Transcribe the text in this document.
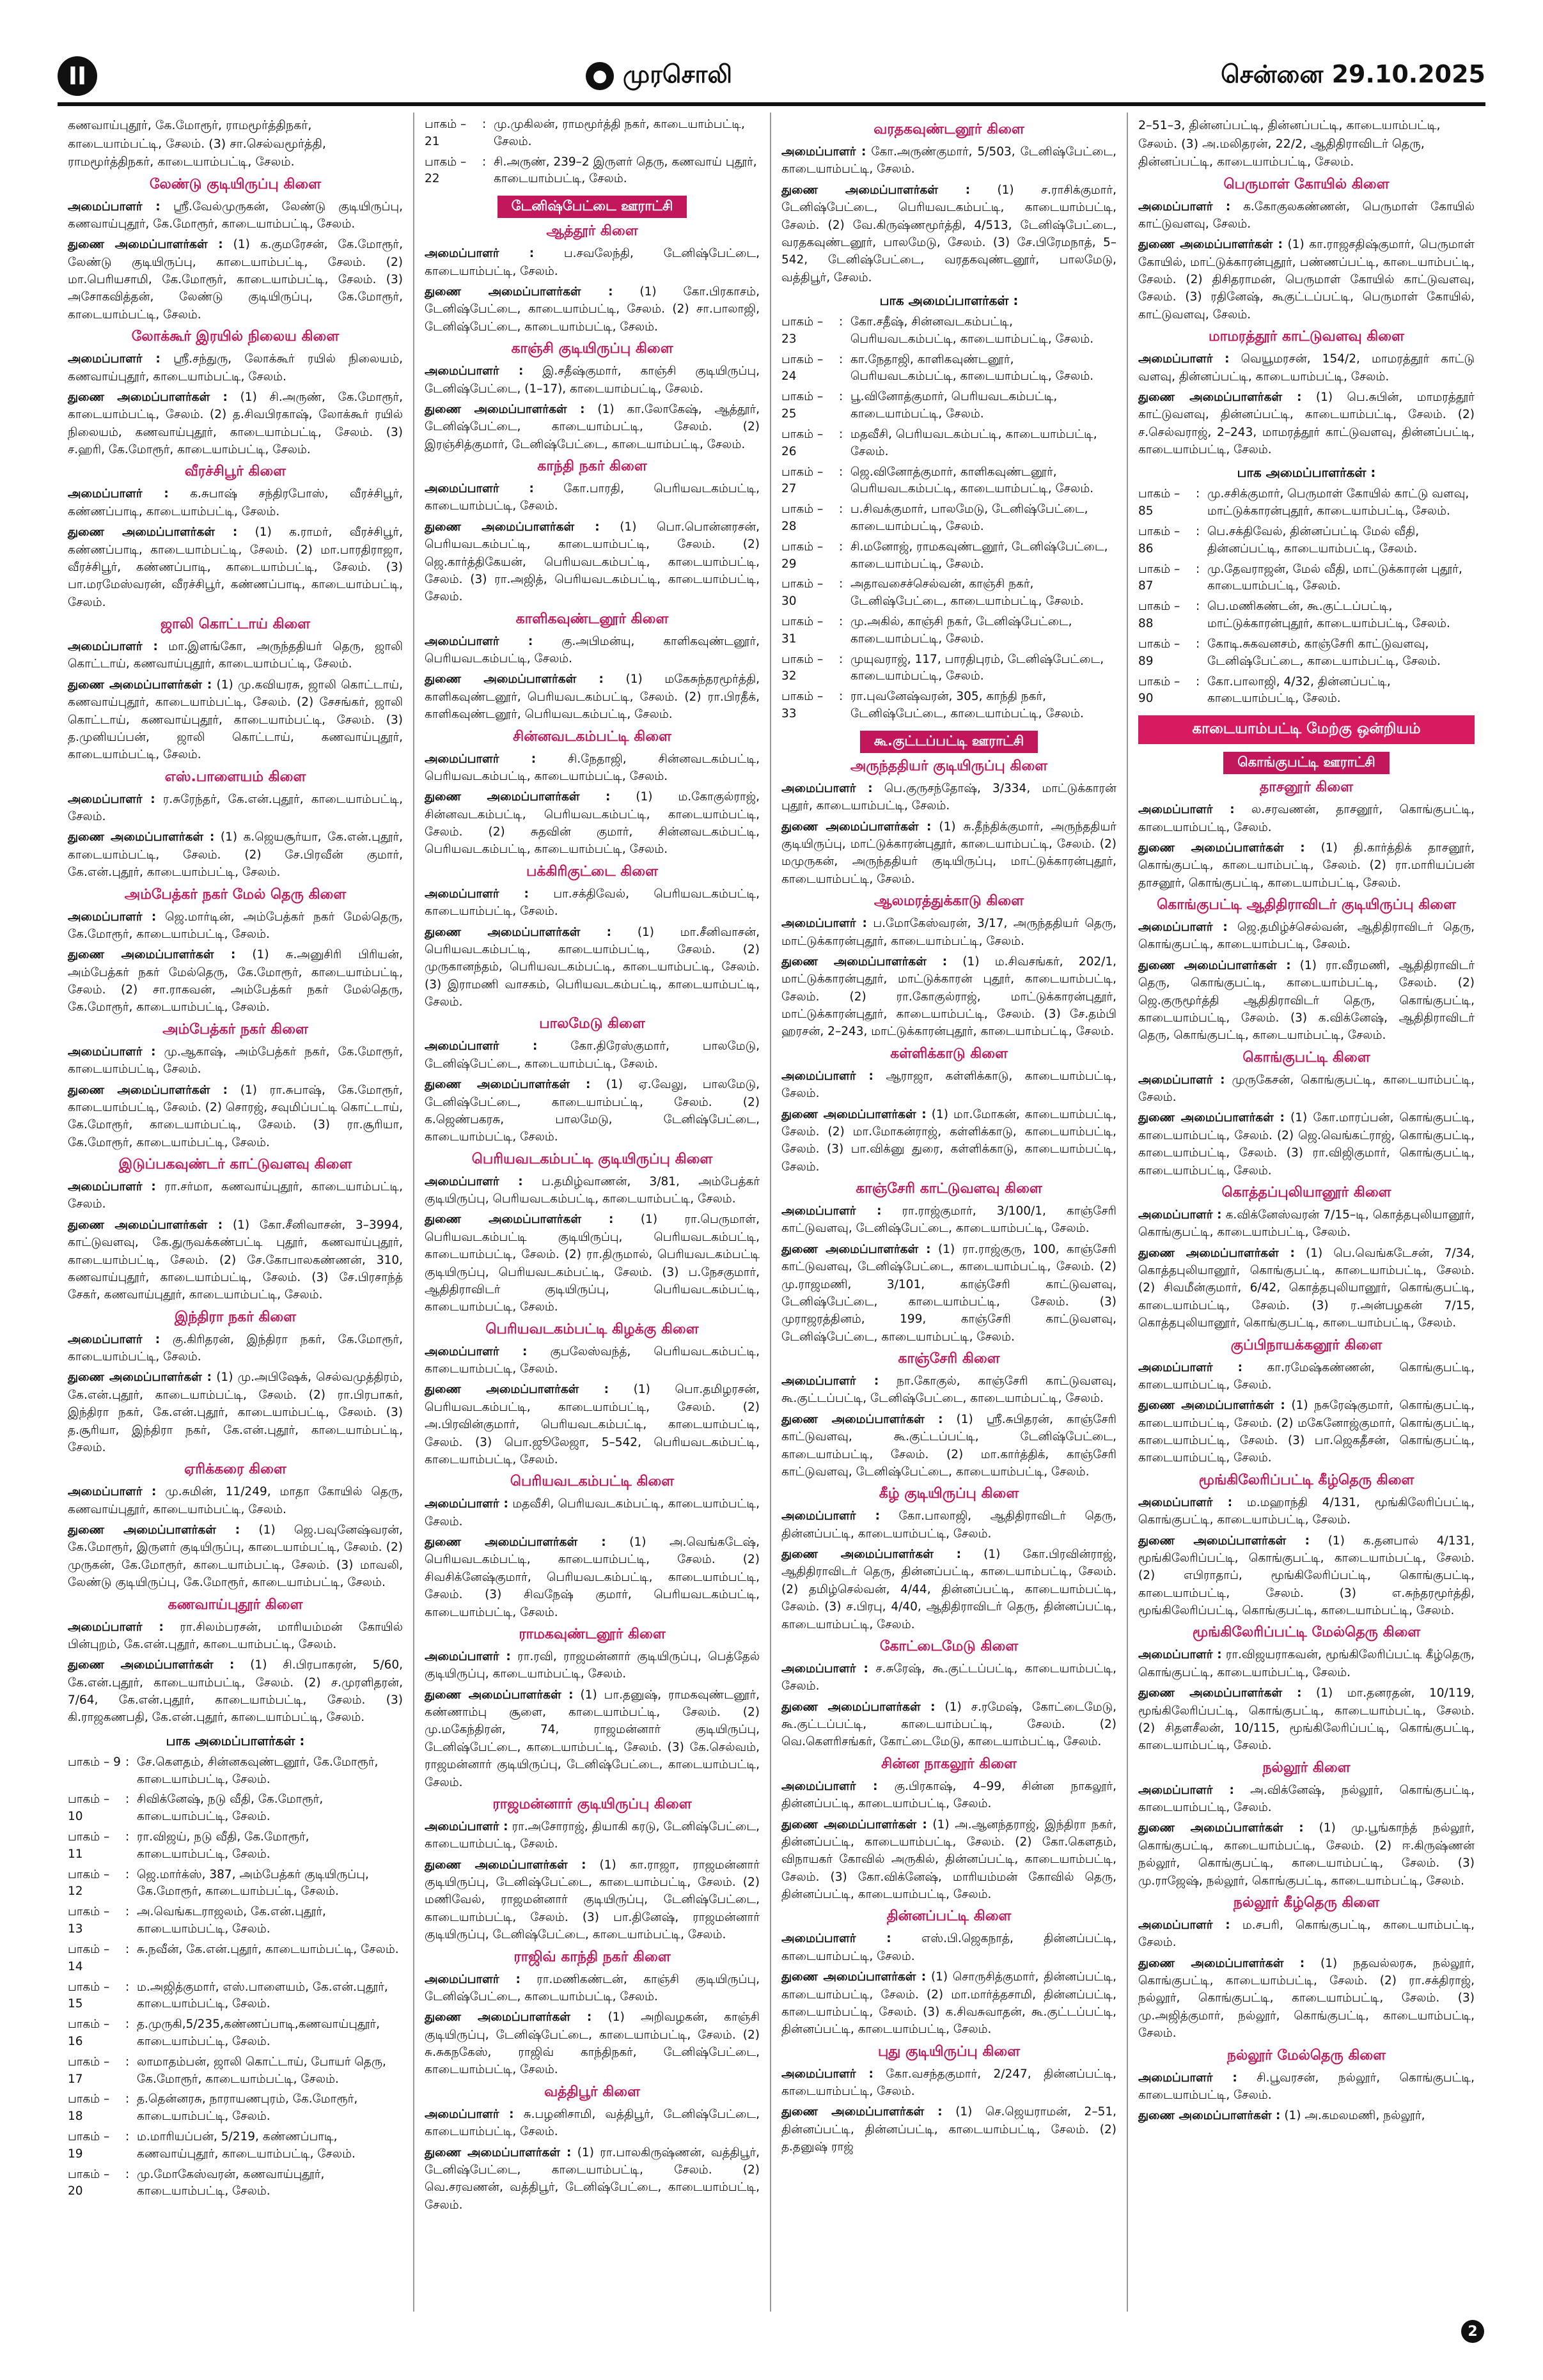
II	● முரசொலி	சென்னை 29.10.2025
கணவாய்புதூர், கே.மோரூர், ராமமூர்த்திநகர், காடையாம்பட்டி, சேலம். (3) சா.செல்வமூர்த்தி, ராமமூர்த்திநகர், காடையாம்பட்டி, சேலம்.
லேண்டு குடியிருப்பு கிளை

அமைப்பாளர் : ஸ்ரீ.வேல்முருகன், லேண்டு குடியிருப்பு, கணவாய்புதூர், கே.மோரூர், காடையாம்பட்டி, சேலம்.

துணை அமைப்பாளர்கள் : (1) க.குமரேசன், கே.மோரூர், லேண்டு குடியிருப்பு, காடையாம்பட்டி, சேலம். (2) மா.பெரியசாமி, கே.மோரூர், காடையாம்பட்டி, சேலம். (3) அசோகவித்தன், லேண்டு குடியிருப்பு, கே.மோரூர், காடையாம்பட்டி, சேலம்.

லோக்கூர் இரயில் நிலைய கிளை

அமைப்பாளர் : ஸ்ரீ.சந்துரு, லோக்கூர் ரயில் நிலையம், கணவாய்புதூர், காடையாம்பட்டி, சேலம்.

துணை அமைப்பாளர்கள் : (1) சி.அருண், கே.மோரூர், காடையாம்பட்டி, சேலம். (2) த.சிவபிரகாஷ், லோக்கூர் ரயில் நிலையம், கணவாய்புதூர், காடையாம்பட்டி, சேலம். (3) ச.ஹரி, கே.மோரூர், காடையாம்பட்டி, சேலம்.

வீரச்சிபூர் கிளை

அமைப்பாளர் : க.சுபாஷ் சந்திரபோஸ், வீரச்சிபூர், கண்ணப்பாடி, காடையாம்பட்டி, சேலம்.

துணை அமைப்பாளர்கள் : (1) க.ராமர், வீரச்சிபூர், கண்ணப்பாடி, காடையாம்பட்டி, சேலம். (2) மா.பாரதிராஜா, வீரச்சிபூர், கண்ணப்பாடி, காடையாம்பட்டி, சேலம். (3) பா.மரமேஸ்வரன், வீரச்சிபூர், கண்ணப்பாடி, காடையாம்பட்டி, சேலம்.

ஜாலி கொட்டாய் கிளை

அமைப்பாளர் : மா.இளங்கோ, அருந்ததியர் தெரு, ஜாலி கொட்டாய், கணவாய்புதூர், காடையாம்பட்டி, சேலம்.

துணை அமைப்பாளர்கள் : (1) மு.கவியரசு, ஜாலி கொட்டாய், கணவாய்புதூர், காடையாம்பட்டி, சேலம். (2) சேசங்கர், ஜாலி கொட்டாய், கணவாய்புதூர், காடையாம்பட்டி, சேலம். (3) த.முனியப்பன், ஜாலி கொட்டாய், கணவாய்புதூர், காடையாம்பட்டி, சேலம்.

எஸ்.பாளையம் கிளை

அமைப்பாளர் : ர.சுரேந்தர், கே.என்.புதூர், காடையாம்பட்டி, சேலம்.

துணை அமைப்பாளர்கள் : (1) க.ஜெயசூர்யா, கே.என்.புதூர், காடையாம்பட்டி, சேலம். (2) சே.பிரவீன் குமார், கே.என்.புதூர், காடையாம்பட்டி, சேலம்.

அம்பேத்கர் நகர் மேல் தெரு கிளை

அமைப்பாளர் : ஜெ.மார்டின், அம்பேத்கர் நகர் மேல்தெரு, கே.மோரூர், காடையாம்பட்டி, சேலம்.

துணை அமைப்பாளர்கள் : (1) சு.அனுசிரி பிரியன், அம்பேத்கர் நகர் மேல்தெரு, கே.மோரூர், காடையாம்பட்டி, சேலம். (2) சா.ராகவன், அம்பேத்கர் நகர் மேல்தெரு, கே.மோரூர், காடையாம்பட்டி, சேலம்.

அம்பேத்கர் நகர் கிளை

அமைப்பாளர் : மு.ஆகாஷ், அம்பேத்கர் நகர், கே.மோரூர், காடையாம்பட்டி, சேலம்.

துணை அமைப்பாளர்கள் : (1) ரா.சுபாஷ், கே.மோரூர், காடையாம்பட்டி, சேலம். (2) சொரஜ், சவுமிப்பட்டி கொட்டாய், கே.மோரூர், காடையாம்பட்டி, சேலம். (3) ரா.சூரியா, கே.மோரூர், காடையாம்பட்டி, சேலம்.

இடுப்பகவுண்டர் காட்டுவளவு கிளை

அமைப்பாளர் : ரா.சர்மா, கணவாய்புதூர், காடையாம்பட்டி, சேலம்.

துணை அமைப்பாளர்கள் : (1) கோ.சீனிவாசன், 3–3994, காட்டுவளவு, கே.துருவக்கண்பட்டி புதூர், கணவாய்புதூர், காடையாம்பட்டி, சேலம். (2) சே.கோபாலகண்ணன், 310, கணவாய்புதூர், காடையாம்பட்டி, சேலம். (3) சே.பிரசாந்த் சேகர், கணவாய்புதூர், காடையாம்பட்டி, சேலம்.

இந்திரா நகர் கிளை

அமைப்பாளர் : கு.கிரிதரன், இந்திரா நகர், கே.மோரூர், காடையாம்பட்டி, சேலம்.

துணை அமைப்பாளர்கள் : (1) மு.அபிஷேக், செல்வமுத்திரம், கே.என்.புதூர், காடையாம்பட்டி, சேலம். (2) ரா.பிரபாகர், இந்திரா நகர், கே.என்.புதூர், காடையாம்பட்டி, சேலம். (3) த.சூரியா, இந்திரா நகர், கே.என்.புதூர், காடையாம்பட்டி, சேலம்.

ஏரிக்கரை கிளை

அமைப்பாளர் : மு.சுமின், 11/249, மாதா கோயில் தெரு, கணவாய்புதூர், காடையாம்பட்டி, சேலம்.

துணை அமைப்பாளர்கள் : (1) ஜெ.பவுனேஷ்வரன், கே.மோரூர், இருளர் குடியிருப்பு, காடையாம்பட்டி, சேலம். (2) முருகன், கே.மோரூர், காடையாம்பட்டி, சேலம். (3) மாவலி, லேண்டு குடியிருப்பு, கே.மோரூர், காடையாம்பட்டி, சேலம்.

கணவாய்புதூர் கிளை

அமைப்பாளர் : ரா.சிலம்பரசன், மாரியம்மன் கோயில் பின்புறம், கே.என்.புதூர், காடையாம்பட்டி, சேலம்.

துணை அமைப்பாளர்கள் : (1) சி.பிரபாகரன், 5/60, கே.என்.புதூர், காடையாம்பட்டி, சேலம். (2) ச.முரளிதரன், 7/64, கே.என்.புதூர், காடையாம்பட்டி, சேலம். (3) கி.ராஜகணபதி, கே.என்.புதூர், காடையாம்பட்டி, சேலம்.

பாக அமைப்பாளர்கள் :
பாகம் – 9 : சே.கௌதம், சின்னகவுண்டனூர், கே.மோரூர், காடையாம்பட்டி, சேலம்.
பாகம் – 10
: சிவிக்னேஷ், நடு வீதி, கே.மோரூர், காடையாம்பட்டி, சேலம்.
பாகம் – 11
: ரா.விஜய், நடு வீதி, கே.மோரூர், காடையாம்பட்டி, சேலம்.
பாகம் – 12
: ஜெ.மார்க்ஸ், 387, அம்பேத்கர் குடியிருப்பு, கே.மோரூர், காடையாம்பட்டி, சேலம்.
பாகம் – 13
: அ.வெங்கடராஜலம், கே.என்.புதூர், காடையாம்பட்டி, சேலம்.
பாகம் – 14
: சு.நவீன், கே.என்.புதூர், காடையாம்பட்டி, சேலம்.
பாகம் – 15
: ம.அஜித்குமார், எஸ்.பாளையம், கே.என்.புதூர், காடையாம்பட்டி, சேலம்.
பாகம் – 16
: த.முருகி,5/235,கண்ணப்பாடி,கணவாய்புதூர், காடையாம்பட்டி, சேலம்.
பாகம் – 17
: லாமாதம்பன், ஜாலி கொட்டாய், போயர் தெரு, கே.மோரூர், காடையாம்பட்டி, சேலம்.
பாகம் – 18
: த.தென்னரசு, நாராயணபுரம், கே.மோரூர், காடையாம்பட்டி, சேலம்.
பாகம் – 19
: ம.மாரியப்பன், 5/219, கண்ணப்பாடி, கணவாய்புதூர், காடையாம்பட்டி, சேலம்.
பாகம் – 20
: மு.மோகேஸ்வரன், கணவாய்புதூர், காடையாம்பட்டி, சேலம்.
பாகம் – 21
: மு.முகிலன், ராமமூர்த்தி நகர், காடையாம்பட்டி, சேலம்.
பாகம் – 22
: சி.அருண், 239–2 இருளர் தெரு, கணவாய் புதூர், காடையாம்பட்டி, சேலம்.
டேனிஷ்பேட்டை ஊராட்சி
ஆத்தூர் கிளை

அமைப்பாளர் :	ப.சவலேந்தி, டேனிஷ்பேட்டை, காடையாம்பட்டி, சேலம்.

துணை அமைப்பாளர்கள் : (1) கோ.பிரகாசம், டேனிஷ்பேட்டை, காடையாம்பட்டி, சேலம். (2) சா.பாலாஜி, டேனிஷ்பேட்டை, காடையாம்பட்டி, சேலம்.

காஞ்சி குடியிருப்பு கிளை

அமைப்பாளர் : இ.சதீஷ்குமார், காஞ்சி குடியிருப்பு, டேனிஷ்பேட்டை, (1–17), காடையாம்பட்டி, சேலம்.

துணை அமைப்பாளர்கள் : (1) கா.லோகேஷ், ஆத்தூர், டேனிஷ்பேட்டை, காடையாம்பட்டி, சேலம். (2) இரஞ்சித்குமார், டேனிஷ்பேட்டை, காடையாம்பட்டி, சேலம்.

காந்தி நகர் கிளை

அமைப்பாளர் :	கோ.பாரதி, பெரியவடகம்பட்டி, காடையாம்பட்டி, சேலம்.

துணை அமைப்பாளர்கள் : (1) பொ.பொன்னரசன், பெரியவடகம்பட்டி, காடையாம்பட்டி, சேலம். (2) ஜெ.கார்த்திகேயன், பெரியவடகம்பட்டி, காடையாம்பட்டி, சேலம். (3) ரா.அஜித், பெரியவடகம்பட்டி, காடையாம்பட்டி, சேலம்.

காளிகவுண்டனூர் கிளை

அமைப்பாளர் : கு.அபிமன்யு, காளிகவுண்டனூர், பெரியவடகம்பட்டி, சேலம்.

துணை அமைப்பாளர்கள் : (1) மகேசுந்தரமூர்த்தி, காளிகவுண்டனூர், பெரியவடகம்பட்டி, சேலம். (2) ரா.பிரதீக், காளிகவுண்டனூர், பெரியவடகம்பட்டி, சேலம்.

சின்னவடகம்பட்டி கிளை

அமைப்பாளர் :	சி.நேதாஜி, சின்னவடகம்பட்டி, பெரியவடகம்பட்டி, காடையாம்பட்டி, சேலம்.

துணை அமைப்பாளர்கள் : (1) ம.கோகுல்ராஜ், சின்னவடகம்பட்டி, பெரியவடகம்பட்டி, காடையாம்பட்டி, சேலம். (2) சுதவின் குமார், சின்னவடகம்பட்டி, பெரியவடகம்பட்டி, காடையாம்பட்டி, சேலம்.

பக்கிரிகுட்டை கிளை

அமைப்பாளர் : பா.சக்திவேல், பெரியவடகம்பட்டி, காடையாம்பட்டி, சேலம்.

துணை அமைப்பாளர்கள் : (1) மா.சீனிவாசன், பெரியவடகம்பட்டி, காடையாம்பட்டி, சேலம். (2) முருகானந்தம், பெரியவடகம்பட்டி, காடையாம்பட்டி, சேலம். (3) இராமணி வாசகம், பெரியவடகம்பட்டி, காடையாம்பட்டி, சேலம்.

பாலமேடு கிளை

அமைப்பாளர் :	கோ.திரேஸ்குமார், பாலமேடு, டேனிஷ்பேட்டை, காடையாம்பட்டி, சேலம்.

துணை அமைப்பாளர்கள் : (1) ஏ.வேலு, பாலமேடு, டேனிஷ்பேட்டை, காடையாம்பட்டி, சேலம். (2) க.ஜெண்பகரசு, பாலமேடு, டேனிஷ்பேட்டை, காடையாம்பட்டி, சேலம்.

பெரியவடகம்பட்டி குடியிருப்பு கிளை

அமைப்பாளர் : ப.தமிழ்வாணன், 3/81, அம்பேத்கர் குடியிருப்பு, பெரியவடகம்பட்டி, காடையாம்பட்டி, சேலம்.

துணை அமைப்பாளர்கள் : (1) ரா.பெருமாள், பெரியவடகம்பட்டி குடியிருப்பு, பெரியவடகம்பட்டி, காடையாம்பட்டி, சேலம். (2) ரா.திருமால், பெரியவடகம்பட்டி குடியிருப்பு, பெரியவடகம்பட்டி, சேலம். (3) ப.நேசகுமார், ஆதிதிராவிடர் குடியிருப்பு, பெரியவடகம்பட்டி, காடையாம்பட்டி, சேலம்.

பெரியவடகம்பட்டி கிழக்கு கிளை

அமைப்பாளர் : குபலேஸ்வந்த், பெரியவடகம்பட்டி, காடையாம்பட்டி, சேலம்.

துணை அமைப்பாளர்கள் : (1) பொ.தமிழரசன், பெரியவடகம்பட்டி, காடையாம்பட்டி, சேலம். (2) அ.பிரவின்குமார், பெரியவடகம்பட்டி, காடையாம்பட்டி, சேலம். (3) பொ.ஜூலேஜா, 5–542, பெரியவடகம்பட்டி, காடையாம்பட்டி, சேலம்.

பெரியவடகம்பட்டி கிளை

அமைப்பாளர் : மதவீசி, பெரியவடகம்பட்டி, காடையாம்பட்டி, சேலம்.

துணை அமைப்பாளர்கள் : (1) அ.வெங்கடேஷ், பெரியவடகம்பட்டி, காடையாம்பட்டி, சேலம். (2) சிவசிக்னேஷ்குமார், பெரியவடகம்பட்டி, காடையாம்பட்டி, சேலம். (3) சிவநேஷ் குமார், பெரியவடகம்பட்டி, காடையாம்பட்டி, சேலம்.

ராமகவுண்டனூர் கிளை

அமைப்பாளர் : ரா.ரவி, ராஜமன்னார் குடியிருப்பு, பெத்தேல் குடியிருப்பு, காடையாம்பட்டி, சேலம்.

துணை அமைப்பாளர்கள் : (1) பா.தனுஷ், ராமகவுண்டனூர், கண்ணாம்பு சூளை, காடையாம்பட்டி, சேலம். (2) மு.மகேந்திரன், 74, ராஜமன்னார் குடியிருப்பு, டேனிஷ்பேட்டை, காடையாம்பட்டி, சேலம். (3) கே.செல்வம், ராஜமன்னார் குடியிருப்பு, டேனிஷ்பேட்டை, காடையாம்பட்டி, சேலம்.

ராஜமன்னார் குடியிருப்பு கிளை

அமைப்பாளர் : ரா.அசோராஜ், தியாகி கரடு, டேனிஷ்பேட்டை, காடையாம்பட்டி, சேலம்.

துணை அமைப்பாளர்கள் : (1) கா.ராஜா, ராஜமன்னார் குடியிருப்பு, டேனிஷ்பேட்டை, காடையாம்பட்டி, சேலம். (2) மணிவேல், ராஜமன்னார் குடியிருப்பு, டேனிஷ்பேட்டை, காடையாம்பட்டி, சேலம். (3) பா.தினேஷ், ராஜமன்னார் குடியிருப்பு, டேனிஷ்பேட்டை, காடையாம்பட்டி, சேலம்.

ராஜிவ் காந்தி நகர் கிளை

அமைப்பாளர் : ரா.மணிகண்டன், காஞ்சி குடியிருப்பு, டேனிஷ்பேட்டை, காடையாம்பட்டி, சேலம்.

துணை அமைப்பாளர்கள் : (1) அறிவழகன், காஞ்சி குடியிருப்பு, டேனிஷ்பேட்டை, காடையாம்பட்டி, சேலம். (2) சு.சுகநகேஸ், ராஜிவ் காந்திநகர், டேனிஷ்பேட்டை, காடையாம்பட்டி, சேலம்.

வத்திபூர் கிளை

அமைப்பாளர் : சு.பழனிசாமி, வத்திபூர், டேனிஷ்பேட்டை, காடையாம்பட்டி, சேலம்.

துணை அமைப்பாளர்கள் : (1) ரா.பாலகிருஷ்ணன், வத்திபூர், டேனிஷ்பேட்டை, காடையாம்பட்டி, சேலம். (2) வெ.சரவணன், வத்திபூர், டேனிஷ்பேட்டை, காடையாம்பட்டி, சேலம்.

வரதகவுண்டனூர் கிளை

அமைப்பாளர் : கோ.அருண்குமார், 5/503, டேனிஷ்பேட்டை, காடையாம்பட்டி, சேலம்.

துணை அமைப்பாளர்கள் : (1) ச.ராசிக்குமார், டேனிஷ்பேட்டை, பெரியவடகம்பட்டி, காடையாம்பட்டி, சேலம். (2) வே.கிருஷ்ணமூர்த்தி, 4/513, டேனிஷ்பேட்டை, வரதகவுண்டனூர், பாலமேடு, சேலம். (3) சே.பிரேமநாத், 5–542, டேனிஷ்பேட்டை, வரதகவுண்டனூர், பாலமேடு, வத்திபூர், சேலம்.

பாக அமைப்பாளர்கள் :
பாகம் – 23
: கோ.சதீஷ், சின்னவடகம்பட்டி, பெரியவடகம்பட்டி, காடையாம்பட்டி, சேலம்.
பாகம் – 24
: கா.நேதாஜி, காளிகவுண்டனூர், பெரியவடகம்பட்டி, காடையாம்பட்டி, சேலம்.
பாகம் – 25
: பூ.வினோத்குமார், பெரியவடகம்பட்டி, காடையாம்பட்டி, சேலம்.
பாகம் – 26
: மதவீசி, பெரியவடகம்பட்டி, காடையாம்பட்டி, சேலம்.
பாகம் – 27
: ஜெ.வினோத்குமார், காளிகவுண்டனூர், பெரியவடகம்பட்டி, காடையாம்பட்டி, சேலம்.
பாகம் – 28
: ப.சிவக்குமார், பாலமேடு, டேனிஷ்பேட்டை, காடையாம்பட்டி, சேலம்.
பாகம் – 29
: சி.மனோஜ், ராமகவுண்டனூர், டேனிஷ்பேட்டை, காடையாம்பட்டி, சேலம்.
பாகம் – 30
: அதாவசைச்செல்வன், காஞ்சி நகர், டேனிஷ்பேட்டை, காடையாம்பட்டி, சேலம்.
பாகம் – 31
: மு.அகில், காஞ்சி நகர், டேனிஷ்பேட்டை, காடையாம்பட்டி, சேலம்.
பாகம் – 32
: முயுவராஜ், 117, பாரதிபுரம், டேனிஷ்பேட்டை, காடையாம்பட்டி, சேலம்.
பாகம் – 33
: ரா.புவனேஷ்வரன், 305, காந்தி நகர், டேனிஷ்பேட்டை, காடையாம்பட்டி, சேலம்.
கூ.குட்டப்பட்டி ஊராட்சி
அருந்ததியர் குடியிருப்பு கிளை

அமைப்பாளர் : பெ.குருசந்தோஷ், 3/334, மாட்டுக்காரன் புதூர், காடையாம்பட்டி, சேலம்.

துணை அமைப்பாளர்கள் : (1) சு.தீந்திக்குமார், அருந்ததியர் குடியிருப்பு, மாட்டுக்காரன்புதூர், காடையாம்பட்டி, சேலம். (2) மமுருகன், அருந்ததியர் குடியிருப்பு, மாட்டுக்காரன்புதூர், காடையாம்பட்டி, சேலம்.

ஆலமரத்துக்காடு கிளை

அமைப்பாளர் : ப.மோகேஸ்வரன், 3/17, அருந்ததியர் தெரு, மாட்டுக்காரன்புதூர், காடையாம்பட்டி, சேலம்.

துணை அமைப்பாளர்கள் : (1) ம.சிவசங்கர், 202/1, மாட்டுக்காரன்புதூர், மாட்டுக்காரன் புதூர், காடையாம்பட்டி, சேலம். (2) ரா.கோகுல்ராஜ், மாட்டுக்காரன்புதூர், மாட்டுக்காரன்புதூர், காடையாம்பட்டி, சேலம். (3) சே.தம்பி ஹரசன், 2–243, மாட்டுக்காரன்புதூர், காடையாம்பட்டி, சேலம்.

கள்ளிக்காடு கிளை

அமைப்பாளர் : ஆராஜா, கள்ளிக்காடு, காடையாம்பட்டி, சேலம்.

துணை அமைப்பாளர்கள் : (1) மா.மோகன், காடையாம்பட்டி, சேலம். (2) மா.மோகன்ராஜ், கள்ளிக்காடு, காடையாம்பட்டி, சேலம். (3) பா.விக்னு துரை, கள்ளிக்காடு, காடையாம்பட்டி, சேலம்.

காஞ்சேரி காட்டுவளவு கிளை

அமைப்பாளர் : ரா.ராஜ்குமார், 3/100/1, காஞ்சேரி காட்டுவளவு, டேனிஷ்பேட்டை, காடையாம்பட்டி, சேலம்.

துணை அமைப்பாளர்கள் : (1) ரா.ராஜ்குரு, 100, காஞ்சேரி காட்டுவளவு, டேனிஷ்பேட்டை, காடையாம்பட்டி, சேலம். (2) மு.ராஜமணி, 3/101, காஞ்சேரி காட்டுவளவு, டேனிஷ்பேட்டை, காடையாம்பட்டி, சேலம். (3) முராஜரத்தினம், 199, காஞ்சேரி காட்டுவளவு, டேனிஷ்பேட்டை, காடையாம்பட்டி, சேலம்.

காஞ்சேரி கிளை

அமைப்பாளர் : நா.கோகுல், காஞ்சேரி காட்டுவளவு, கூ.குட்டப்பட்டி, டேனிஷ்பேட்டை, காடையாம்பட்டி, சேலம்.

துணை அமைப்பாளர்கள் : (1) ஸ்ரீ.சுபிதரன், காஞ்சேரி காட்டுவளவு, கூ.குட்டப்பட்டி, டேனிஷ்பேட்டை, காடையாம்பட்டி, சேலம். (2) மா.கார்த்திக், காஞ்சேரி காட்டுவளவு, டேனிஷ்பேட்டை, காடையாம்பட்டி, சேலம்.

கீழ் குடியிருப்பு கிளை

அமைப்பாளர் : கோ.பாலாஜி, ஆதிதிராவிடர் தெரு, தின்னப்பட்டி, காடையாம்பட்டி, சேலம்.

துணை அமைப்பாளர்கள் : (1) கோ.பிரவின்ராஜ், ஆதிதிராவிடர் தெரு, தின்னப்பட்டி, காடையாம்பட்டி, சேலம். (2) தமிழ்செல்வன், 4/44, தின்னப்பட்டி, காடையாம்பட்டி, சேலம். (3) ச.பிரபு, 4/40, ஆதிதிராவிடர் தெரு, தின்னப்பட்டி, காடையாம்பட்டி, சேலம்.

கோட்டைமேடு கிளை

அமைப்பாளர் : ச.சுரேஷ், கூ.குட்டப்பட்டி, காடையாம்பட்டி, சேலம்.

துணை அமைப்பாளர்கள் : (1) ச.ரமேஷ், கோட்டைமேடு, கூ.குட்டப்பட்டி, காடையாம்பட்டி, சேலம். (2) வெ.கௌரிசங்கர், கோட்டைமேடு, காடையாம்பட்டி, சேலம்.

சின்ன நாகலூர் கிளை

அமைப்பாளர் : கு.பிரகாஷ், 4–99, சின்ன நாகலூர், தின்னப்பட்டி, காடையாம்பட்டி, சேலம்.

துணை அமைப்பாளர்கள் : (1) அ.ஆனந்தராஜ், இந்திரா நகர், தின்னப்பட்டி, காடையாம்பட்டி, சேலம். (2) கோ.கௌதம், விநாயகர் கோவில் அருகில், தின்னப்பட்டி, காடையாம்பட்டி, சேலம். (3) கோ.விக்னேஷ், மாரியம்மன் கோவில் தெரு, தின்னப்பட்டி, காடையாம்பட்டி, சேலம்.

தின்னப்பட்டி கிளை

அமைப்பாளர் :	எஸ்.பி.ஜெகநாத், தின்னப்பட்டி, காடையாம்பட்டி, சேலம்.

துணை அமைப்பாளர்கள் : (1) சொருசித்குமார், தின்னப்பட்டி, காடையாம்பட்டி, சேலம். (2) மா.மார்த்தசாமி, தின்னப்பட்டி, காடையாம்பட்டி, சேலம். (3) க.சிவசுவாதன், கூ.குட்டப்பட்டி, தின்னப்பட்டி, காடையாம்பட்டி, சேலம்.

புது குடியிருப்பு கிளை

அமைப்பாளர் : கோ.வசந்தகுமார், 2/247, தின்னப்பட்டி, காடையாம்பட்டி, சேலம்.

துணை அமைப்பாளர்கள் : (1) செ.ஜெயராமன், 2–51, தின்னப்பட்டி, தின்னப்பட்டி, காடையாம்பட்டி, சேலம். (2) த.தனுஷ் ராஜ்

2–51–3, தின்னப்பட்டி, தின்னப்பட்டி, காடையாம்பட்டி, சேலம். (3) அ.மலிதரன், 22/2, ஆதிதிராவிடர் தெரு, தின்னப்பட்டி, காடையாம்பட்டி, சேலம்.
பெருமாள் கோயில் கிளை

அமைப்பாளர் : க.கோகுலகண்ணன், பெருமாள் கோயில் காட்டுவளவு, சேலம்.

துணை அமைப்பாளர்கள் : (1) கா.ராஜசதிஷ்குமார், பெருமாள் கோயில், மாட்டுக்காரன்புதூர், பண்ணப்பட்டி, காடையாம்பட்டி, சேலம். (2) திசிதராமன், பெருமாள் கோயில் காட்டுவளவு, சேலம். (3) ரதினேஷ், கூகுட்டப்பட்டி, பெருமாள் கோயில், காட்டுவளவு, சேலம்.

மாமரத்தூர் காட்டுவளவு கிளை

அமைப்பாளர் : வெயூமரசன், 154/2, மாமரத்தூர் காட்டு வளவு, தின்னப்பட்டி, காடையாம்பட்டி, சேலம்.

துணை அமைப்பாளர்கள் : (1) பெ.சுபின், மாமரத்தூர் காட்டுவளவு, தின்னப்பட்டி, காடையாம்பட்டி, சேலம். (2) ச.செல்வராஜ், 2–243, மாமரத்தூர் காட்டுவளவு, தின்னப்பட்டி, காடையாம்பட்டி, சேலம்.

பாக அமைப்பாளர்கள் :
பாகம் – 85
: மு.சசிக்குமார், பெருமாள் கோயில் காட்டு வளவு, மாட்டுக்காரன்புதூர், காடையாம்பட்டி, சேலம்.
பாகம் – 86
: பெ.சக்திவேல், தின்னப்பட்டி மேல் வீதி, தின்னப்பட்டி, காடையாம்பட்டி, சேலம்.
பாகம் – 87
: மு.தேவராஜன், மேல் வீதி, மாட்டுக்காரன் புதூர், காடையாம்பட்டி, சேலம்.
பாகம் – 88
: பெ.மணிகண்டன், கூ.குட்டப்பட்டி, மாட்டுக்காரன்புதூர், காடையாம்பட்டி, சேலம்.
பாகம் – 89
: கோடி.சுகவனசம், காஞ்சேரி காட்டுவளவு, டேனிஷ்பேட்டை, காடையாம்பட்டி, சேலம்.
பாகம் – 90
: கோ.பாலாஜி, 4/32, தின்னப்பட்டி, காடையாம்பட்டி, சேலம்.
காடையாம்பட்டி மேற்கு ஒன்றியம்
கொங்குபட்டி ஊராட்சி
தாசனூர் கிளை

அமைப்பாளர் : ல.சரவணன், தாசனூர், கொங்குபட்டி, காடையாம்பட்டி, சேலம்.

துணை அமைப்பாளர்கள் : (1) தி.கார்த்திக் தாசனூர், கொங்குபட்டி, காடையாம்பட்டி, சேலம். (2) ரா.மாரியப்பன் தாசனூர், கொங்குபட்டி, காடையாம்பட்டி, சேலம்.

கொங்குபட்டி ஆதிதிராவிடர் குடியிருப்பு கிளை

அமைப்பாளர் : ஜெ.தமிழ்ச்செல்வன், ஆதிதிராவிடர் தெரு, கொங்குபட்டி, காடையாம்பட்டி, சேலம்.

துணை அமைப்பாளர்கள் : (1) ரா.வீரமணி, ஆதிதிராவிடர் தெரு, கொங்குபட்டி, காடையாம்பட்டி, சேலம். (2) ஜெ.குருமூர்த்தி ஆதிதிராவிடர் தெரு, கொங்குபட்டி, காடையாம்பட்டி, சேலம். (3) க.விக்னேஷ், ஆதிதிராவிடர் தெரு, கொங்குபட்டி, காடையாம்பட்டி, சேலம்.

கொங்குபட்டி கிளை

அமைப்பாளர் : முருகேசன், கொங்குபட்டி, காடையாம்பட்டி, சேலம்.

துணை அமைப்பாளர்கள் : (1) கோ.மாரப்பன், கொங்குபட்டி, காடையாம்பட்டி, சேலம். (2) ஜெ.வெங்கட்ராஜ், கொங்குபட்டி, காடையாம்பட்டி, சேலம். (3) ரா.விஜிகுமார், கொங்குபட்டி, காடையாம்பட்டி, சேலம்.

கொத்தப்புலியானூர் கிளை

அமைப்பாளர் : க.விக்னேஸ்வரன் 7/15–டி, கொத்தபுலியானூர், கொங்குபட்டி, காடையாம்பட்டி, சேலம்.

துணை அமைப்பாளர்கள் : (1) பெ.வெங்கடேசன், 7/34, கொத்தபுலியானூர், கொங்குபட்டி, காடையாம்பட்டி, சேலம். (2) சிவமீன்குமார், 6/42, கொத்தபுலியானூர், கொங்குபட்டி, காடையாம்பட்டி, சேலம். (3) ர.அன்பழகன் 7/15, கொத்தபுலியானூர், கொங்குபட்டி, காடையாம்பட்டி, சேலம்.

குப்பிநாயக்கனூர் கிளை

அமைப்பாளர் : கா.ரமேஷ்கண்ணன், கொங்குபட்டி, காடையாம்பட்டி, சேலம்.

துணை அமைப்பாளர்கள் : (1) நசுரேஷ்குமார், கொங்குபட்டி, காடையாம்பட்டி, சேலம். (2) மகேனோஜ்குமார், கொங்குபட்டி, காடையாம்பட்டி, சேலம். (3) பா.ஜெகதீசன், கொங்குபட்டி, காடையாம்பட்டி, சேலம்.

மூங்கிலேரிப்பட்டி கீழ்தெரு கிளை

அமைப்பாளர் : ம.மஹாந்தி 4/131, மூங்கிலேரிப்பட்டி, கொங்குபட்டி, காடையாம்பட்டி, சேலம்.

துணை அமைப்பாளர்கள் : (1) க.தனபால் 4/131, மூங்கிலேரிப்பட்டி, கொங்குபட்டி, காடையாம்பட்டி, சேலம். (2) எபிராதாப், மூங்கிலேரிப்பட்டி, கொங்குபட்டி, காடையாம்பட்டி, சேலம். (3) எ.சுந்தரமூர்த்தி, மூங்கிலேரிப்பட்டி, கொங்குபட்டி, காடையாம்பட்டி, சேலம்.

மூங்கிலேரிப்பட்டி மேல்தெரு கிளை

அமைப்பாளர் : ரா.விஜயராகவன், மூங்கிலேரிப்பட்டி கீழ்தெரு, கொங்குபட்டி, காடையாம்பட்டி, சேலம்.

துணை அமைப்பாளர்கள் : (1) மா.தனரதன், 10/119, மூங்கிலேரிப்பட்டி, கொங்குபட்டி, காடையாம்பட்டி, சேலம். (2) சிதளசீலன், 10/115, மூங்கிலேரிப்பட்டி, கொங்குபட்டி, காடையாம்பட்டி, சேலம்.

நல்லூர் கிளை

அமைப்பாளர் : அ.விக்னேஷ், நல்லூர், கொங்குபட்டி, காடையாம்பட்டி, சேலம்.

துணை அமைப்பாளர்கள் : (1) மு.பூங்காந்த் நல்லூர், கொங்குபட்டி, காடையாம்பட்டி, சேலம். (2) ஈ.கிருஷ்ணன் நல்லூர், கொங்குபட்டி, காடையாம்பட்டி, சேலம். (3) மு.ராஜேஷ், நல்லூர், கொங்குபட்டி, காடையாம்பட்டி, சேலம்.

நல்லூர் கீழ்தெரு கிளை

அமைப்பாளர் : ம.சபரி, கொங்குபட்டி, காடையாம்பட்டி, சேலம்.

துணை அமைப்பாளர்கள் : (1) நதவல்லரசு, நல்லூர், கொங்குபட்டி, காடையாம்பட்டி, சேலம். (2) ரா.சக்திராஜ், நல்லூர், கொங்குபட்டி, காடையாம்பட்டி, சேலம். (3) மு.அஜித்குமார், நல்லூர், கொங்குபட்டி, காடையாம்பட்டி, சேலம்.

நல்லூர் மேல்தெரு கிளை

அமைப்பாளர் : சி.பூவரசன், நல்லூர், கொங்குபட்டி, காடையாம்பட்டி, சேலம்.

துணை அமைப்பாளர்கள் : (1) அ.கமலமணி, நல்லூர்,

2
